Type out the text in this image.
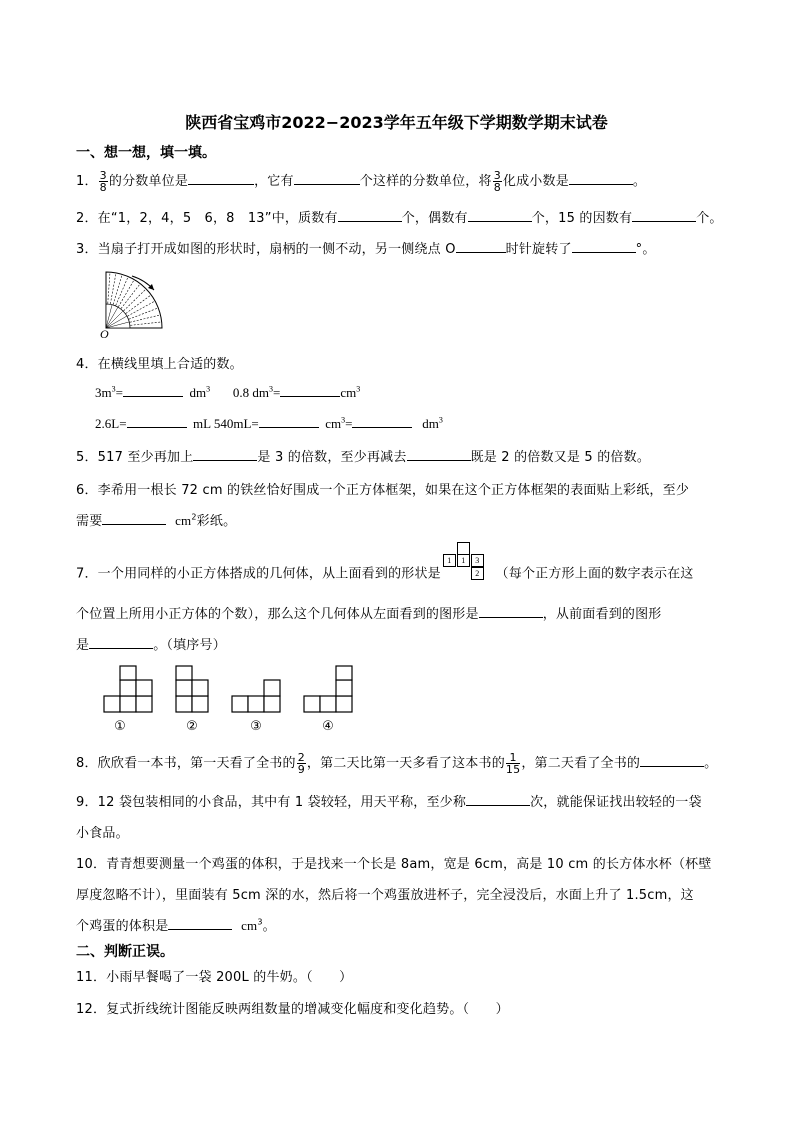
陕西省宝鸡市2022−2023学年五年级下学期数学期末试卷
一、想一想，填一填。
1． $\frac{3}{8}$ 的分数单位是	，它有	个这样的分数单位，将 $\frac{3}{8}$ 化成小数是	。
2．在“1，2，4，5　6，8　13”中，质数有	个，偶数有	个，15 的因数有	个。
3．当扇子打开成如图的形状时，扇柄的一侧不动，另一侧绕点 O	时针旋转了	°。
O
4．在横线里填上合适的数。
$3m^3=$	$dm^3$ 0.8 $dm^3=$	$cm^3$
2.6L=	mL 540mL=	$cm^3=$	$dm^3$
5．517 至少再加上	是 3 的倍数，至少再减去	既是 2 的倍数又是 5 的倍数。
6．李希用一根长 72 cm 的铁丝恰好围成一个正方体框架，如果在这个正方体框架的表面贴上彩纸，至少
需要	$cm^2$彩纸。
7．一个用同样的小正方体搭成的几何体，从上面看到的形状是
1	1	3
2	（每个正方形上面的数字表示在这
个位置上所用小正方体的个数），那么这个几何体从左面看到的图形是	，从前面看到的图形
是	。（填序号）
①	②	③	④
8．欣欣看一本书，第一天看了全书的 $\frac{2}{9}$ ，第二天比第一天多看了这本书的 $\frac{1}{15}$ ，第二天看了全书的	。
9．12 袋包装相同的小食品，其中有 1 袋较轻，用天平称，至少称	次，就能保证找出较轻的一袋
小食品。
10．青青想要测量一个鸡蛋的体积，于是找来一个长是 8am，宽是 6cm，高是 10 cm 的长方体水杯（杯壁
厚度忽略不计），里面装有 5cm 深的水，然后将一个鸡蛋放进杯子，完全浸没后，水面上升了 1.5cm，这
个鸡蛋的体积是	$cm^3$。
二、判断正误。
11．小雨早餐喝了一袋 200L 的牛奶。（　　）
12．复式折线统计图能反映两组数量的增减变化幅度和变化趋势。（　　）
